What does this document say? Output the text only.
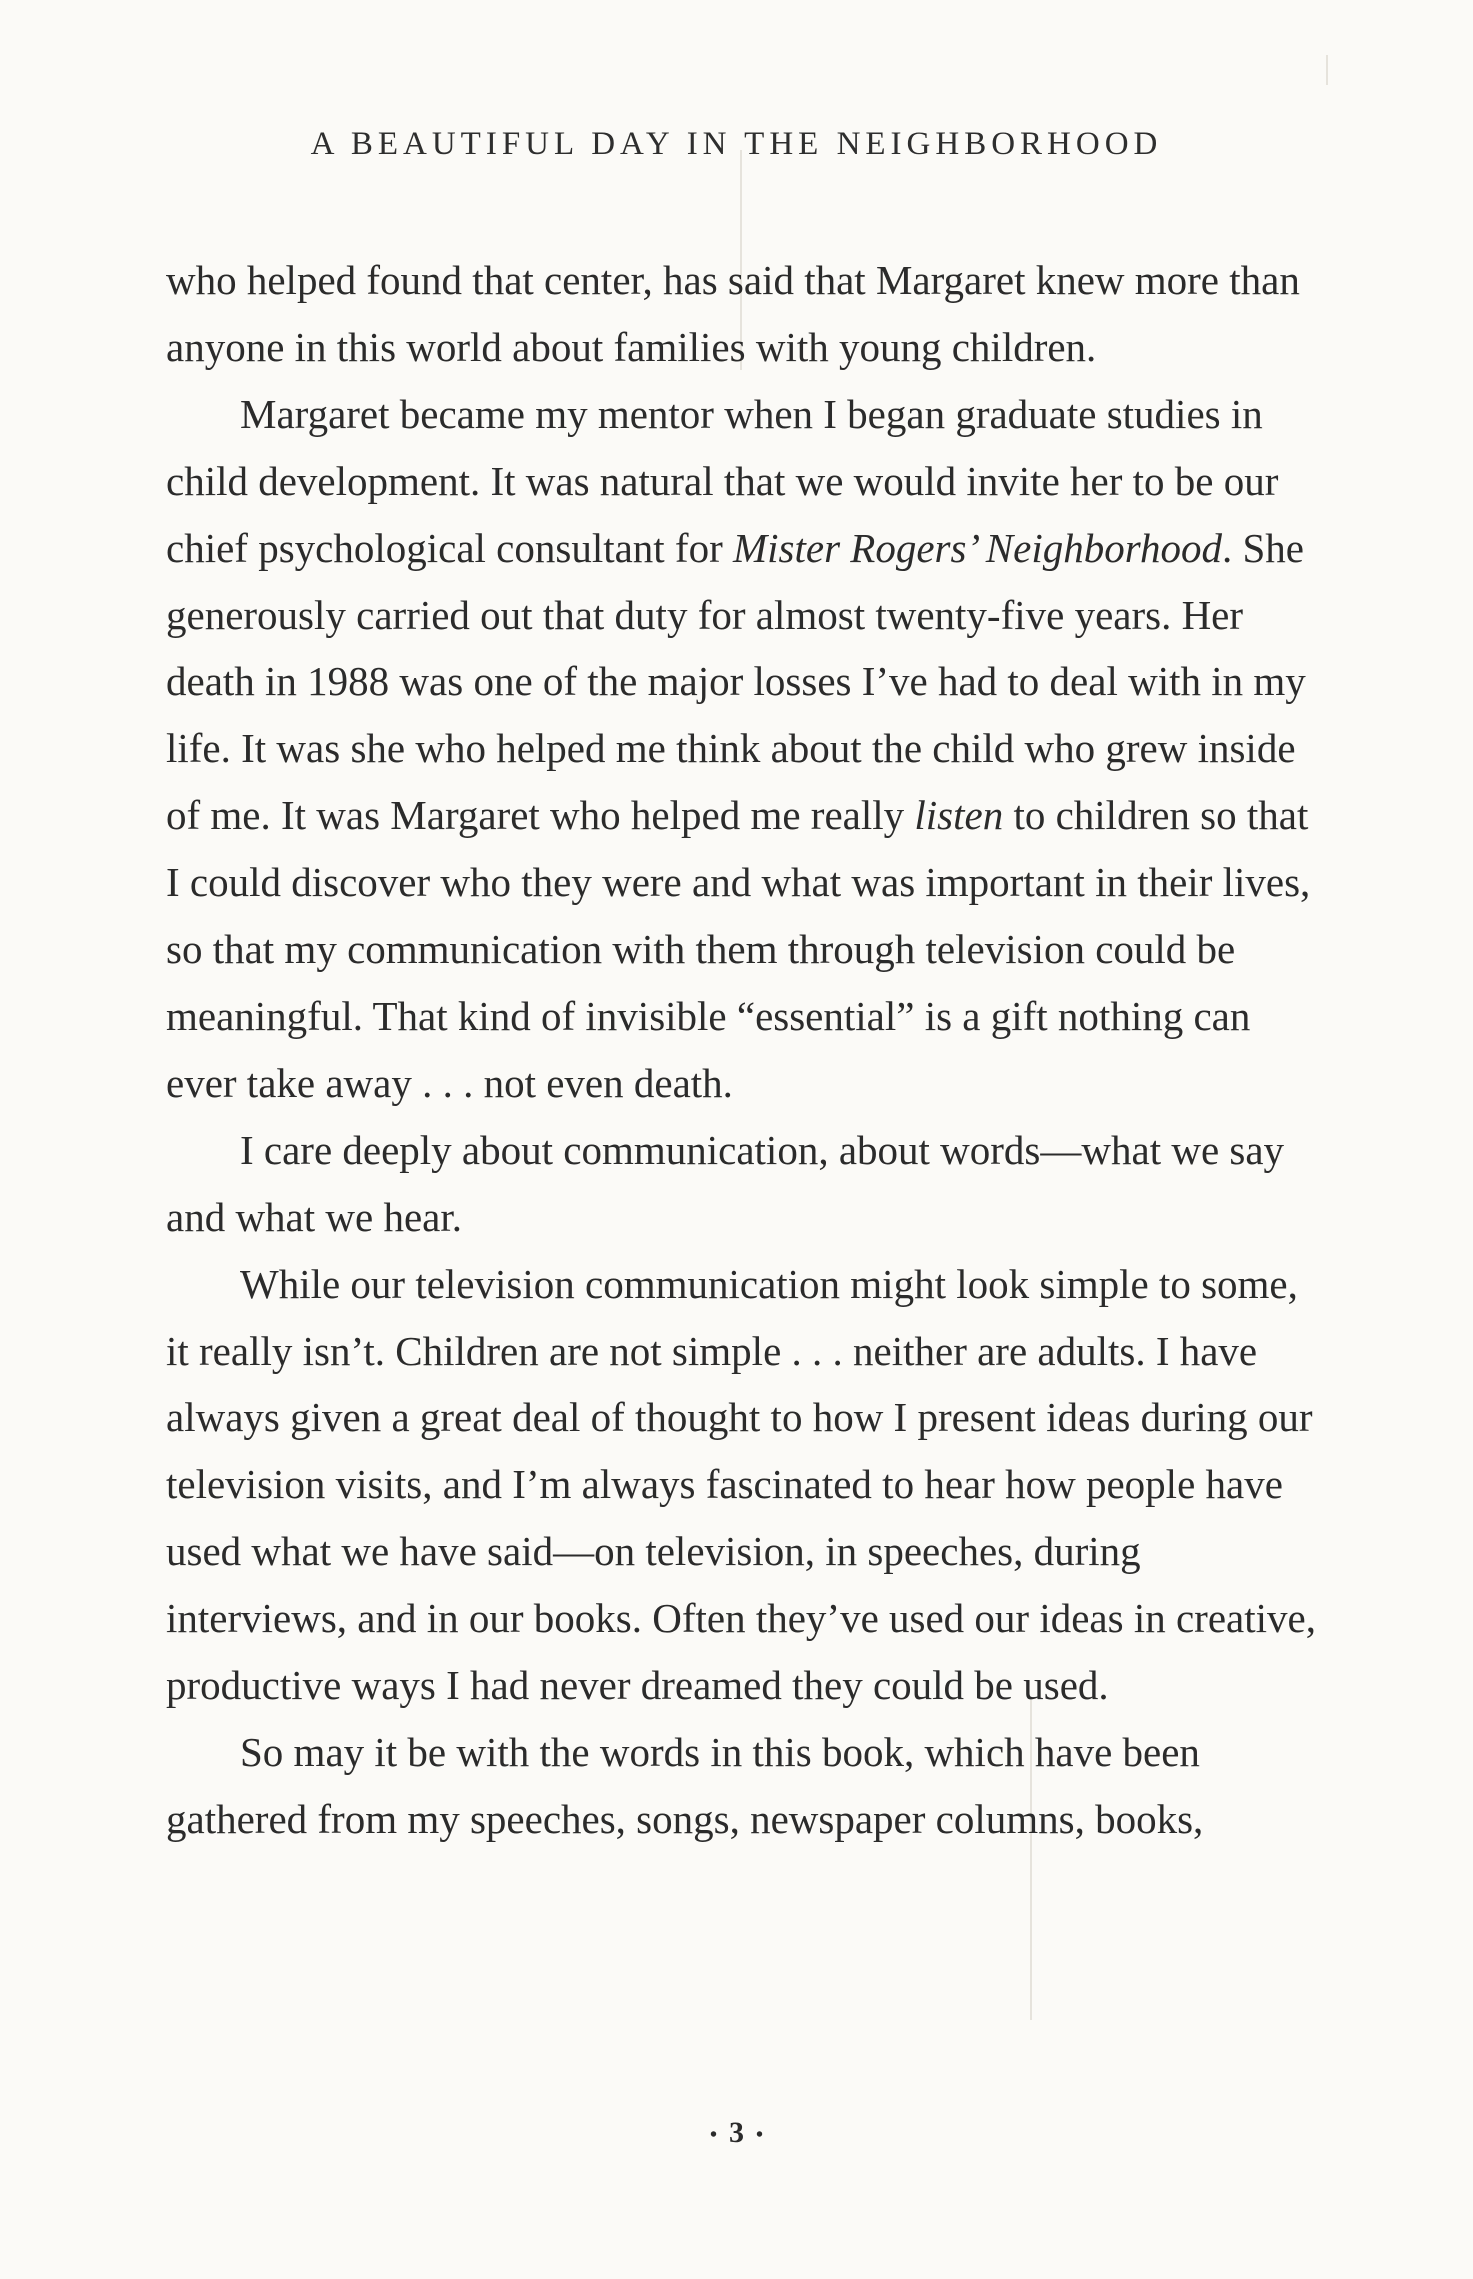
A BEAUTIFUL DAY IN THE NEIGHBORHOOD

who helped found that center, has said that Margaret knew more than anyone in this world about families with young children.

Margaret became my mentor when I began graduate studies in child development. It was natural that we would invite her to be our chief psychological consultant for Mister Rogers’ Neighborhood. She generously carried out that duty for almost twenty-five years. Her death in 1988 was one of the major losses I’ve had to deal with in my life. It was she who helped me think about the child who grew inside of me. It was Margaret who helped me really listen to children so that I could discover who they were and what was important in their lives, so that my communication with them through television could be meaningful. That kind of invisible “essential” is a gift nothing can ever take away . . . not even death.

I care deeply about communication, about words—what we say and what we hear.

While our television communication might look simple to some, it really isn’t. Children are not simple . . . neither are adults. I have always given a great deal of thought to how I present ideas during our television visits, and I’m always fascinated to hear how people have used what we have said—on television, in speeches, during interviews, and in our books. Often they’ve used our ideas in creative, productive ways I had never dreamed they could be used.

So may it be with the words in this book, which have been gathered from my speeches, songs, newspaper columns, books,

• 3 •
